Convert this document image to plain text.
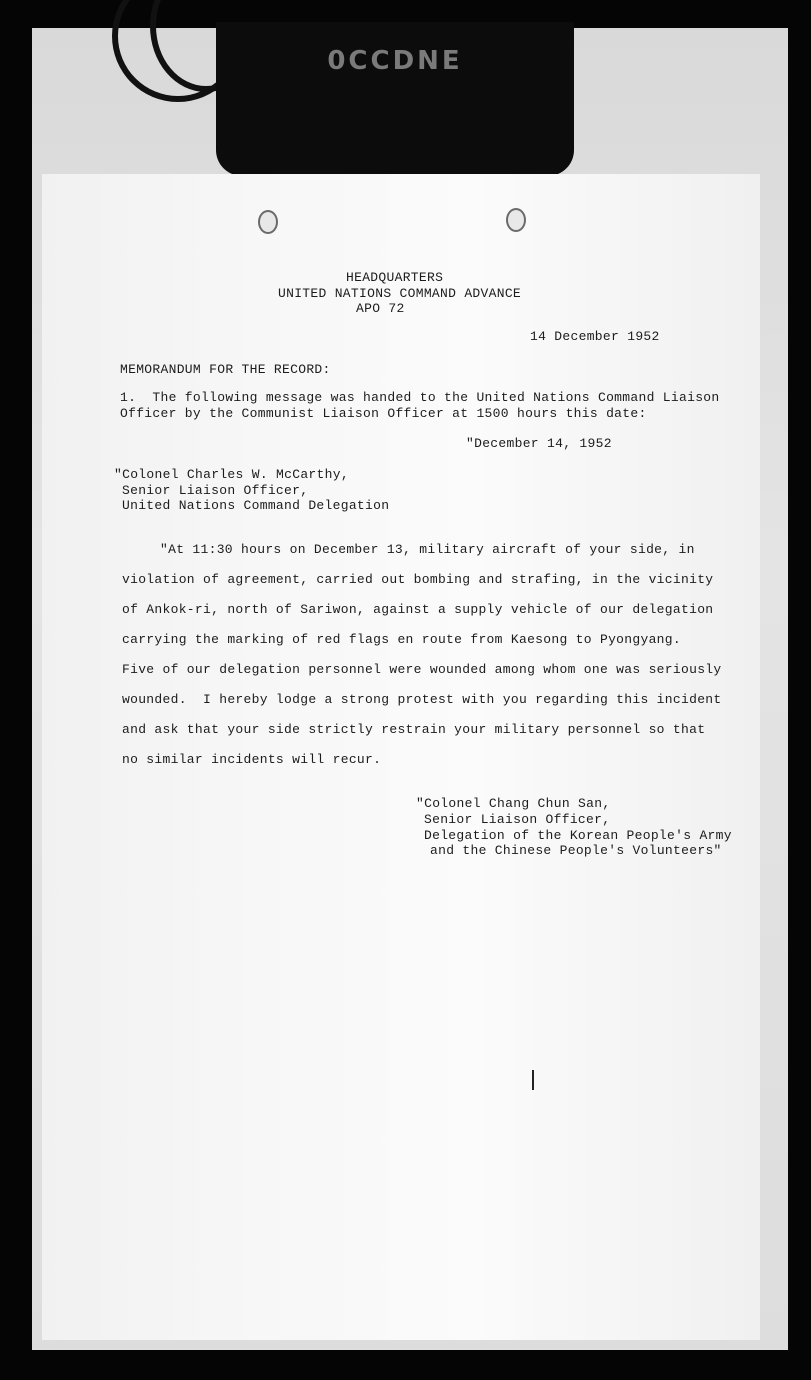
0CCDNE
HEADQUARTERS
UNITED NATIONS COMMAND ADVANCE
APO 72
14 December 1952
MEMORANDUM FOR THE RECORD:
1.  The following message was handed to the United Nations Command Liaison
Officer by the Communist Liaison Officer at 1500 hours this date:
"December 14, 1952
"Colonel Charles W. McCarthy,
Senior Liaison Officer,
United Nations Command Delegation
"At 11:30 hours on December 13, military aircraft of your side, in
violation of agreement, carried out bombing and strafing, in the vicinity
of Ankok-ri, north of Sariwon, against a supply vehicle of our delegation
carrying the marking of red flags en route from Kaesong to Pyongyang.
Five of our delegation personnel were wounded among whom one was seriously
wounded.  I hereby lodge a strong protest with you regarding this incident
and ask that your side strictly restrain your military personnel so that
no similar incidents will recur.
"Colonel Chang Chun San,
Senior Liaison Officer,
Delegation of the Korean People's Army
and the Chinese People's Volunteers"
